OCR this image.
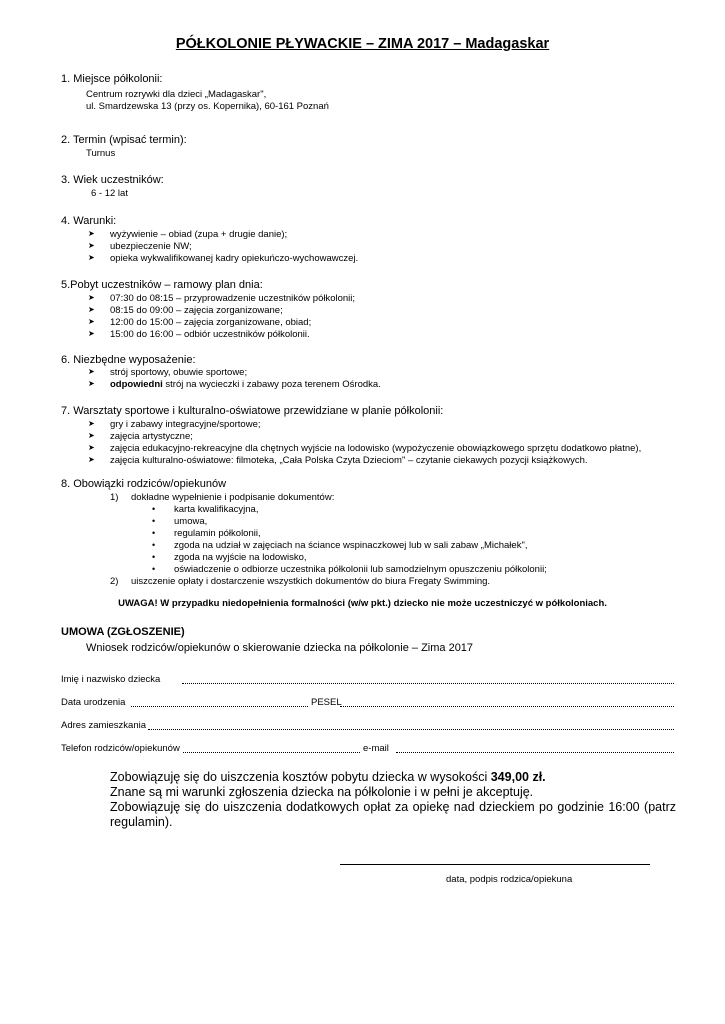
PÓŁKOLONIE PŁYWACKIE – ZIMA 2017 – Madagaskar
1. Miejsce półkolonii:
Centrum rozrywki dla dzieci „Madagaskar",
ul. Smardzewska 13 (przy os. Kopernika), 60-161 Poznań
2. Termin (wpisać termin):
Turnus
3. Wiek uczestników:
6 - 12 lat
4. Warunki:
➤ wyżywienie – obiad (zupa + drugie danie);
➤ ubezpieczenie NW;
➤ opieka wykwalifikowanej kadry opiekuńczo-wychowawczej.
5.Pobyt uczestników – ramowy plan dnia:
➤ 07:30 do 08:15 – przyprowadzenie uczestników półkolonii;
➤ 08:15 do 09:00 – zajęcia zorganizowane;
➤ 12:00 do 15:00 – zajęcia zorganizowane, obiad;
➤ 15:00 do 16:00 – odbiór uczestników półkolonii.
6. Niezbędne wyposażenie:
➤ strój sportowy, obuwie sportowe;
➤ odpowiedni strój na wycieczki i zabawy poza terenem Ośrodka.
7. Warsztaty sportowe i kulturalno-oświatowe przewidziane w planie półkolonii:
➤ gry i zabawy integracyjne/sportowe;
➤ zajęcia artystyczne;
➤ zajęcia edukacyjno-rekreacyjne dla chętnych wyjście na lodowisko (wypożyczenie obowiązkowego sprzętu dodatkowo płatne),
➤ zajęcia kulturalno-oświatowe: filmoteka, „Cała Polska Czyta Dzieciom" – czytanie ciekawych pozycji książkowych.
8. Obowiązki rodziców/opiekunów
1) dokładne wypełnienie i podpisanie dokumentów:
• karta kwalifikacyjna,
• umowa,
• regulamin półkolonii,
• zgoda na udział w zajęciach na ściance wspinaczkowej lub w sali zabaw „Michałek",
• zgoda na wyjście na lodowisko,
• oświadczenie o odbiorze uczestnika półkolonii lub samodzielnym opuszczeniu półkolonii;
2) uiszczenie opłaty i dostarczenie wszystkich dokumentów do biura Fregaty Swimming.
UWAGA! W przypadku niedopełnienia formalności (w/w pkt.) dziecko nie może uczestniczyć w półkoloniach.
UMOWA (ZGŁOSZENIE)
Wniosek rodziców/opiekunów o skierowanie dziecka na półkolonie – Zima 2017
Imię i nazwisko dziecka
Data urodzenia	PESEL
Adres zamieszkania
Telefon rodziców/opiekunów	e-mail

Zobowiązuję się do uiszczenia kosztów pobytu dziecka w wysokości 349,00 zł.

Znane są mi warunki zgłoszenia dziecka na półkolonie i w pełni je akceptuję.

Zobowiązuję się do uiszczenia dodatkowych opłat za opiekę nad dzieckiem po godzinie 16:00 (patrz regulamin).

data, podpis rodzica/opiekuna
